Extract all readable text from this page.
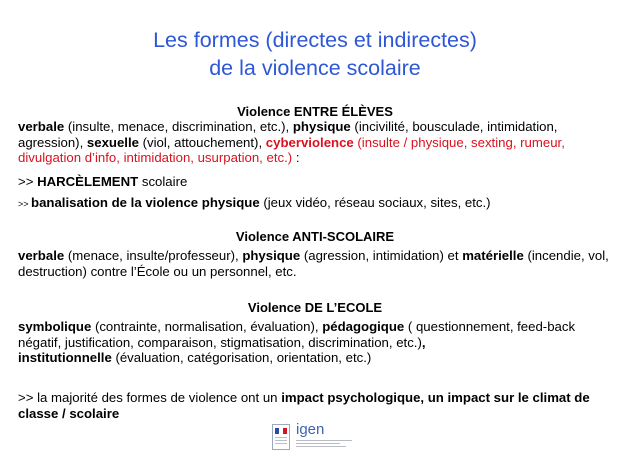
Les formes (directes et indirectes)
de la violence scolaire
Violence ENTRE ÉLÈVES
verbale (insulte, menace, discrimination, etc.), physique (incivilité, bousculade, intimidation, agression), sexuelle (viol, attouchement), cyberviolence (insulte / physique, sexting, rumeur, divulgation d’info, intimidation, usurpation, etc.) :
>> HARCÈLEMENT scolaire
>> banalisation de la violence physique (jeux vidéo, réseau sociaux, sites, etc.)
Violence ANTI-SCOLAIRE
verbale (menace, insulte/professeur), physique (agression, intimidation) et matérielle (incendie, vol, destruction) contre l’École ou un personnel, etc.
Violence DE L’ECOLE
symbolique (contrainte, normalisation, évaluation), pédagogique ( questionnement, feed-back négatif, justification, comparaison, stigmatisation, discrimination, etc.),
institutionnelle (évaluation, catégorisation, orientation, etc.)
>> la majorité des formes de violence ont un impact psychologique, un impact sur le climat de classe / scolaire
igen
